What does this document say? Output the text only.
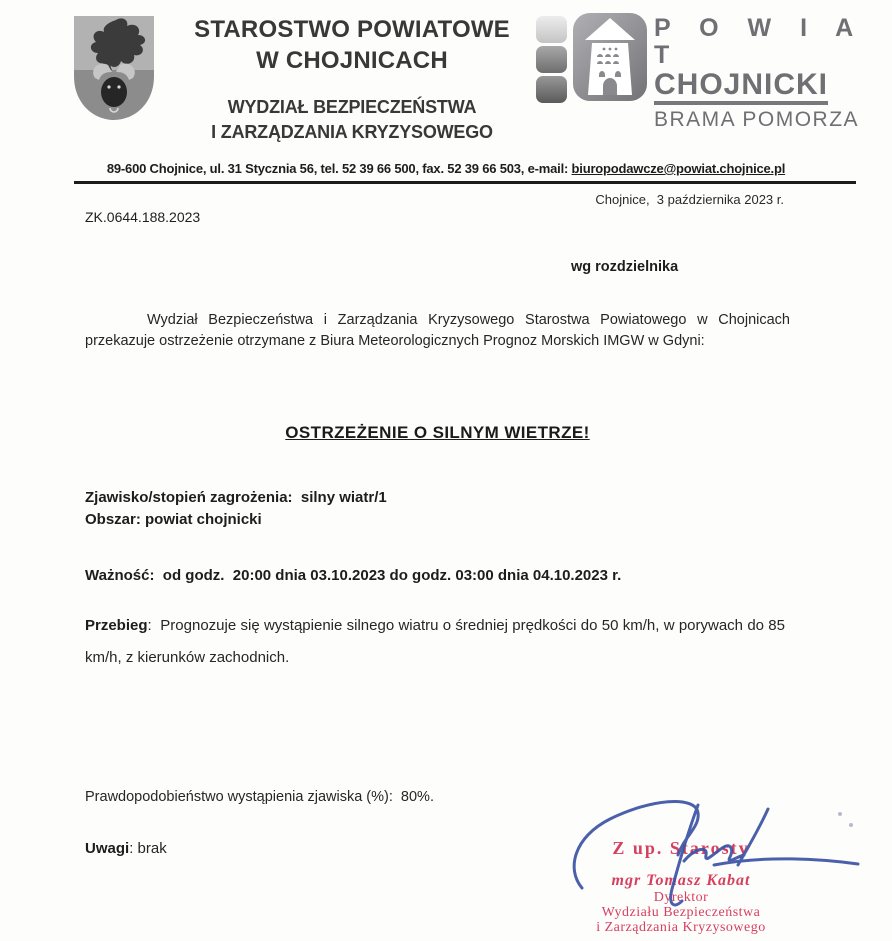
STAROSTWO POWIATOWE
W CHOJNICACH
WYDZIAŁ BEZPIECZEŃSTWA
I ZARZĄDZANIA KRYZYSOWEGO
P O W I A T
CHOJNICKI
BRAMA POMORZA
89-600 Chojnice, ul. 31 Stycznia 56, tel. 52 39 66 500, fax. 52 39 66 503, e-mail: biuropodawcze@powiat.chojnice.pl
Chojnice,  3 października 2023 r.
ZK.0644.188.2023
wg rozdzielnika
Wydział Bezpieczeństwa i Zarządzania Kryzysowego Starostwa Powiatowego w Chojnicach przekazuje ostrzeżenie otrzymane z Biura Meteorologicznych Prognoz Morskich IMGW w Gdyni:
OSTRZEŻENIE O SILNYM WIETRZE!
Zjawisko/stopień zagrożenia:  silny wiatr/1
Obszar: powiat chojnicki
Ważność:  od godz.  20:00 dnia 03.10.2023 do godz. 03:00 dnia 04.10.2023 r.
Przebieg:  Prognozuje się wystąpienie silnego wiatru o średniej prędkości do 50 km/h, w porywach do 85 km/h, z kierunków zachodnich.
Prawdopodobieństwo wystąpienia zjawiska (%):  80%.
Uwagi: brak	Z up. Starosty
mgr Tomasz Kabat
Dyrektor
Wydziału Bezpieczeństwa
i Zarządzania Kryzysowego
